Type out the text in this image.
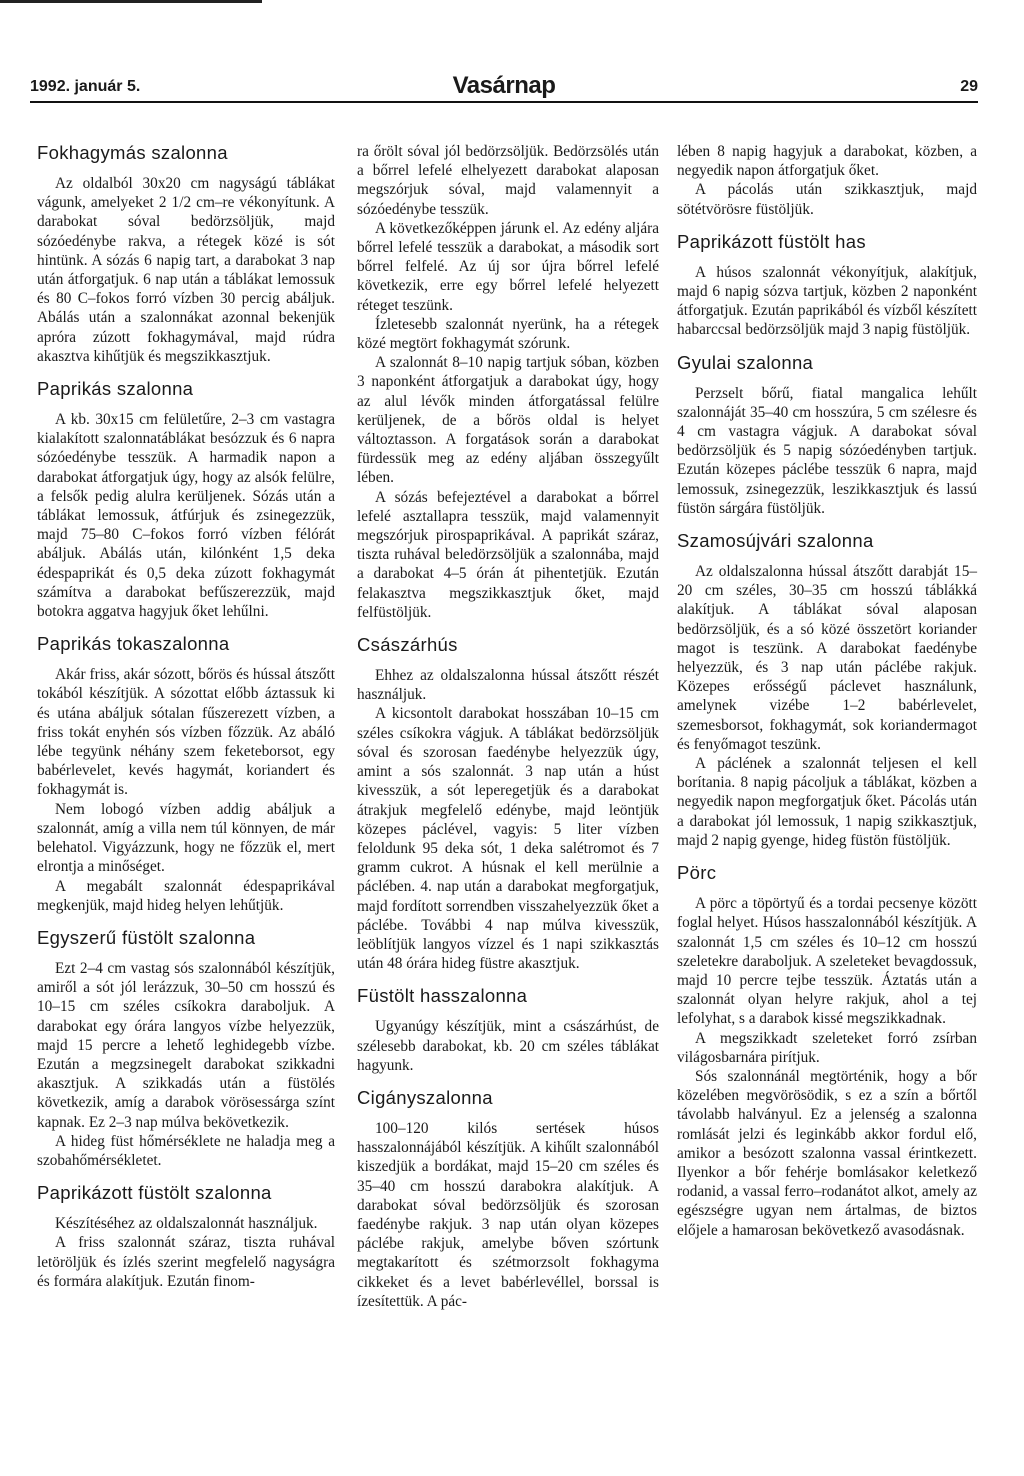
1992. január 5.	Vasárnap	29
Fokhagymás szalonna

Az oldalból 30x20 cm nagyságú táblákat vágunk, amelyeket 2 1/2 cm–re vékonyítunk. A darabokat sóval bedörzsöljük, majd sózóedénybe rakva, a rétegek közé is sót hintünk. A sózás 6 napig tart, a darabokat 3 nap után átforgatjuk. 6 nap után a táblákat lemossuk és 80 C–fokos forró vízben 30 percig abáljuk. Abálás után a szalonnákat azonnal bekenjük apróra zúzott fokhagymával, majd rúdra akasztva kihűtjük és megszikkasztjuk.

Paprikás szalonna

A kb. 30x15 cm felületűre, 2–3 cm vastagra kialakított szalonnatáblákat besózzuk és 6 napra sózóedénybe tesszük. A harmadik napon a darabokat átforgatjuk úgy, hogy az alsók felülre, a felsők pedig alulra kerüljenek. Sózás után a táblákat lemossuk, átfúrjuk és zsinegezzük, majd 75–80 C–fokos forró vízben félórát abáljuk. Abálás után, kilónként 1,5 deka édespaprikát és 0,5 deka zúzott fokhagymát számítva a darabokat befűszerezzük, majd botokra aggatva hagyjuk őket lehűlni.

Paprikás tokaszalonna

Akár friss, akár sózott, bőrös és hússal átszőtt tokából készítjük. A sózottat előbb áztassuk ki és utána abáljuk sótalan fűszerezett vízben, a friss tokát enyhén sós vízben főzzük. Az abáló lébe tegyünk néhány szem feketeborsot, egy babérlevelet, kevés hagymát, koriandert és fokhagymát is.

Nem lobogó vízben addig abáljuk a szalonnát, amíg a villa nem túl könnyen, de már belehatol. Vigyázzunk, hogy ne főzzük el, mert elrontja a minőséget.

A megabált szalonnát édespaprikával megkenjük, majd hideg helyen lehűtjük.

Egyszerű füstölt szalonna

Ezt 2–4 cm vastag sós szalonnából készítjük, amiről a sót jól lerázzuk, 30–50 cm hosszú és 10–15 cm széles csíkokra daraboljuk. A darabokat egy órára langyos vízbe helyezzük, majd 15 percre a lehető leghidegebb vízbe. Ezután a megzsinegelt darabokat szikkadni akasztjuk. A szikkadás után a füstölés következik, amíg a darabok vörösessárga színt kapnak. Ez 2–3 nap múlva bekövetkezik.

A hideg füst hőmérséklete ne haladja meg a szobahőmérsékletet.

Paprikázott füstölt szalonna

Készítéséhez az oldalszalonnát használjuk.

A friss szalonnát száraz, tiszta ruhával letöröljük és ízlés szerint megfelelő nagyságra és formára alakítjuk. Ezután finom-

ra őrölt sóval jól bedörzsöljük. Bedörzsölés után a bőrrel lefelé elhelyezett darabokat alaposan megszórjuk sóval, majd valamennyit a sózóedénybe tesszük.

A következőképpen járunk el. Az edény aljára bőrrel lefelé tesszük a darabokat, a második sort bőrrel felfelé. Az új sor újra bőrrel lefelé következik, erre egy bőrrel lefelé helyezett réteget teszünk.

Ízletesebb szalonnát nyerünk, ha a rétegek közé megtört fokhagymát szórunk.

A szalonnát 8–10 napig tartjuk sóban, közben 3 naponként átforgatjuk a darabokat úgy, hogy az alul lévők minden átforgatással felülre kerüljenek, de a bőrös oldal is helyet változtasson. A forgatások során a darabokat fürdessük meg az edény aljában összegyűlt lében.

A sózás befejeztével a darabokat a bőrrel lefelé asztallapra tesszük, majd valamennyit megszórjuk pirospaprikával. A paprikát száraz, tiszta ruhával beledörzsöljük a szalonnába, majd a darabokat 4–5 órán át pihentetjük. Ezután felakasztva megszikkasztjuk őket, majd felfüstöljük.

Császárhús

Ehhez az oldalszalonna hússal átszőtt részét használjuk.

A kicsontolt darabokat hosszában 10–15 cm széles csíkokra vágjuk. A táblákat bedörzsöljük sóval és szorosan faedénybe helyezzük úgy, amint a sós szalonnát. 3 nap után a húst kivesszük, a sót leperegetjük és a darabokat átrakjuk megfelelő edénybe, majd leöntjük közepes páclével, vagyis: 5 liter vízben feloldunk 95 deka sót, 1 deka salétromot és 7 gramm cukrot. A húsnak el kell merülnie a páclében. 4. nap után a darabokat megforgatjuk, majd fordított sorrendben visszahelyezzük őket a páclébe. További 4 nap múlva kivesszük, leöblítjük langyos vízzel és 1 napi szikkasztás után 48 órára hideg füstre akasztjuk.

Füstölt hasszalonna

Ugyanúgy készítjük, mint a császárhúst, de szélesebb darabokat, kb. 20 cm széles táblákat hagyunk.

Cigányszalonna

100–120 kilós sertések húsos hasszalonnájából készítjük. A kihűlt szalonnából kiszedjük a bordákat, majd 15–20 cm széles és 35–40 cm hosszú darabokra alakítjuk. A darabokat sóval bedörzsöljük és szorosan faedénybe rakjuk. 3 nap után olyan közepes páclébe rakjuk, amelybe bőven szórtunk megtakarított és szétmorzsolt fokhagyma cikkeket és a levet babérlevéllel, borssal is ízesítettük. A pác-

lében 8 napig hagyjuk a darabokat, közben, a negyedik napon átforgatjuk őket.

A pácolás után szikkasztjuk, majd sötétvörösre füstöljük.

Paprikázott füstölt has

A húsos szalonnát vékonyítjuk, alakítjuk, majd 6 napig sózva tartjuk, közben 2 naponként átforgatjuk. Ezután paprikából és vízből készített habarccsal bedörzsöljük majd 3 napig füstöljük.

Gyulai szalonna

Perzselt bőrű, fiatal mangalica lehűlt szalonnáját 35–40 cm hosszúra, 5 cm szélesre és 4 cm vastagra vágjuk. A darabokat sóval bedörzsöljük és 5 napig sózóedényben tartjuk. Ezután közepes páclébe tesszük 6 napra, majd lemossuk, zsinegezzük, leszikkasztjuk és lassú füstön sárgára füstöljük.

Szamosújvári szalonna

Az oldalszalonna hússal átszőtt darabját 15–20 cm széles, 30–35 cm hosszú táblákká alakítjuk. A táblákat sóval alaposan bedörzsöljük, és a só közé összetört koriander magot is teszünk. A darabokat faedénybe helyezzük, és 3 nap után páclébe rakjuk. Közepes erősségű páclevet használunk, amelynek vizébe 1–2 babérlevelet, szemesborsot, fokhagymát, sok koriandermagot és fenyőmagot teszünk.

A páclének a szalonnát teljesen el kell borítania. 8 napig pácoljuk a táblákat, közben a negyedik napon megforgatjuk őket. Pácolás után a darabokat jól lemossuk, 1 napig szikkasztjuk, majd 2 napig gyenge, hideg füstön füstöljük.

Pörc

A pörc a töpörtyű és a tordai pecsenye között foglal helyet. Húsos hasszalonnából készítjük. A szalonnát 1,5 cm széles és 10–12 cm hosszú szeletekre daraboljuk. A szeleteket bevagdossuk, majd 10 percre tejbe tesszük. Áztatás után a szalonnát olyan helyre rakjuk, ahol a tej lefolyhat, s a darabok kissé megszikkadnak.

A megszikkadt szeleteket forró zsírban világosbarnára pirítjuk.

Sós szalonnánál megtörténik, hogy a bőr közelében megvörösödik, s ez a szín a bőrtől távolabb halványul. Ez a jelenség a szalonna romlását jelzi és leginkább akkor fordul elő, amikor a besózott szalonna vassal érintkezett. Ilyenkor a bőr fehérje bomlásakor keletkező rodanid, a vassal ferro–rodanátot alkot, amely az egészségre ugyan nem ártalmas, de biztos előjele a hamarosan bekövetkező avasodásnak.
